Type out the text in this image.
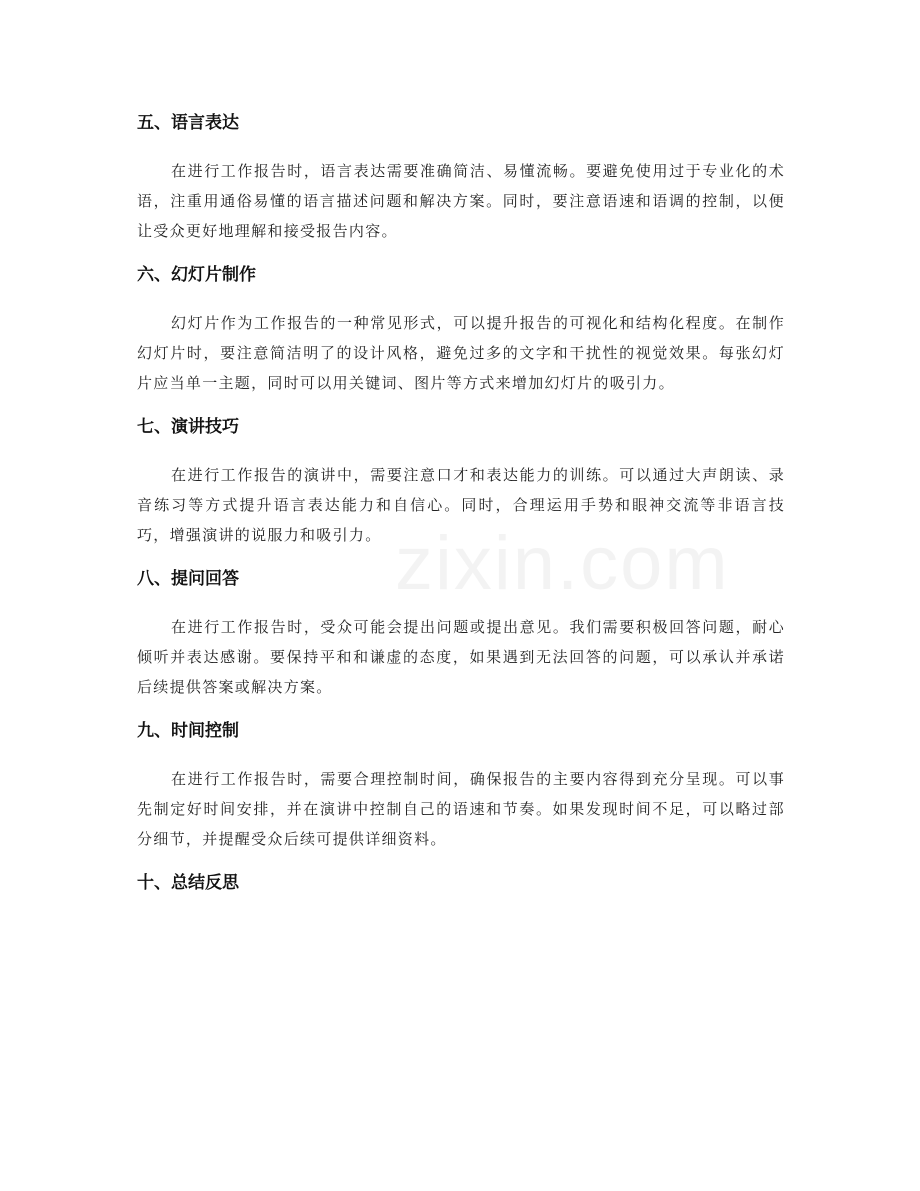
zixin.com
五、语言表达

在进行工作报告时，语言表达需要准确简洁、易懂流畅。要避免使用过于专业化的术语，注重用通俗易懂的语言描述问题和解决方案。同时，要注意语速和语调的控制，以便让受众更好地理解和接受报告内容。

六、幻灯片制作

幻灯片作为工作报告的一种常见形式，可以提升报告的可视化和结构化程度。在制作幻灯片时，要注意简洁明了的设计风格，避免过多的文字和干扰性的视觉效果。每张幻灯片应当单一主题，同时可以用关键词、图片等方式来增加幻灯片的吸引力。

七、演讲技巧

在进行工作报告的演讲中，需要注意口才和表达能力的训练。可以通过大声朗读、录音练习等方式提升语言表达能力和自信心。同时，合理运用手势和眼神交流等非语言技巧，增强演讲的说服力和吸引力。

八、提问回答

在进行工作报告时，受众可能会提出问题或提出意见。我们需要积极回答问题，耐心倾听并表达感谢。要保持平和和谦虚的态度，如果遇到无法回答的问题，可以承认并承诺后续提供答案或解决方案。

九、时间控制

在进行工作报告时，需要合理控制时间，确保报告的主要内容得到充分呈现。可以事先制定好时间安排，并在演讲中控制自己的语速和节奏。如果发现时间不足，可以略过部分细节，并提醒受众后续可提供详细资料。

十、总结反思
